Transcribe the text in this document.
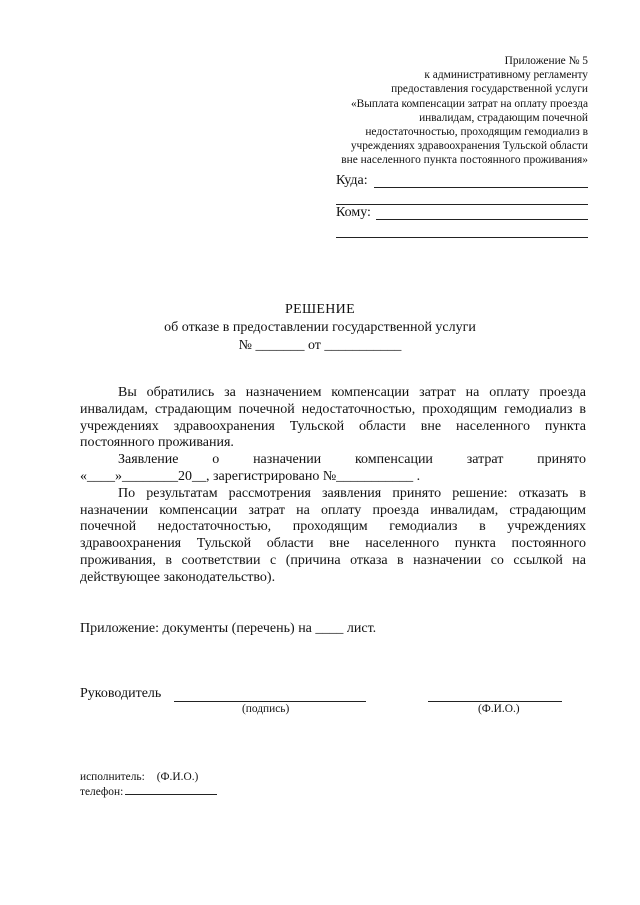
Приложение № 5
к административному регламенту
предоставления государственной услуги
«Выплата компенсации затрат на оплату проезда
инвалидам, страдающим почечной
недостаточностью, проходящим гемодиализ в
учреждениях здравоохранения Тульской области
вне населенного пункта постоянного проживания»
Куда:
Кому:
РЕШЕНИЕ
об отказе в предоставлении государственной услуги
№ _______ от ___________

Вы обратились за назначением компенсации затрат на оплату проезда инвалидам, страдающим почечной недостаточностью, проходящим гемодиализ в учреждениях здравоохранения Тульской области вне населенного пункта постоянного проживания.

Заявление о назначении компенсации затрат принято

«____»________20__, зарегистрировано №___________ .

По результатам рассмотрения заявления принято решение: отказать в назначении компенсации затрат на оплату проезда инвалидам, страдающим почечной недостаточностью, проходящим гемодиализ в учреждениях здравоохранения Тульской области вне населенного пункта постоянного проживания, в соответствии с (причина отказа в назначении со ссылкой на действующее законодательство).

Приложение: документы (перечень) на ____ лист.
Руководитель
(подпись)	(Ф.И.О.)
исполнитель: (Ф.И.О.)
телефон:
